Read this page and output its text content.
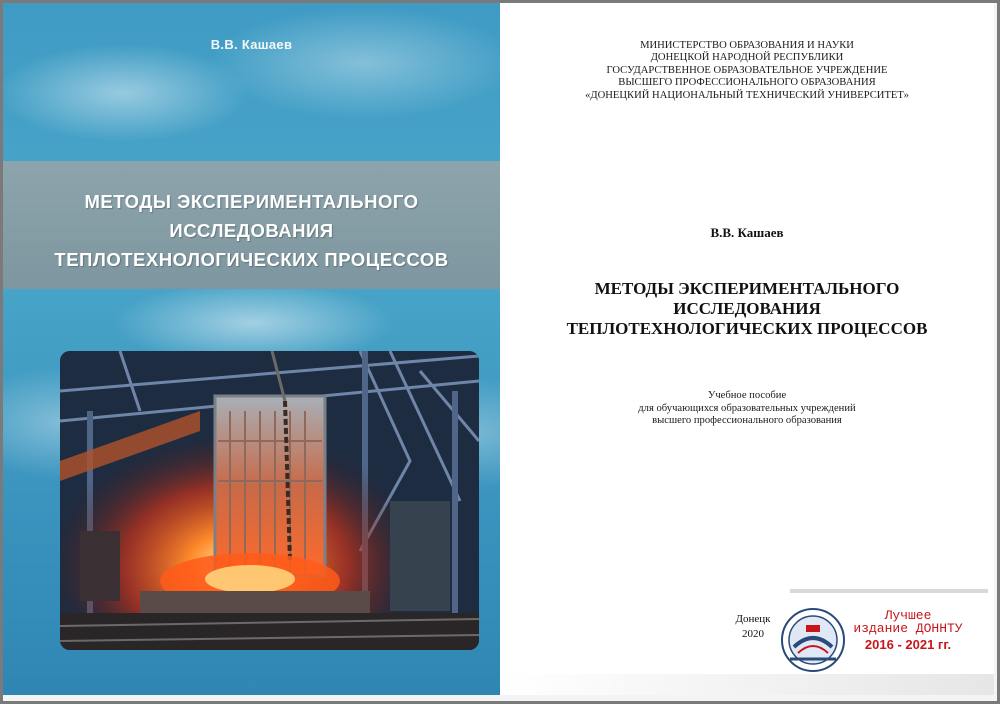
В.В. Кашаев
МЕТОДЫ ЭКСПЕРИМЕНТАЛЬНОГО
ИССЛЕДОВАНИЯ
ТЕПЛОТЕХНОЛОГИЧЕСКИХ ПРОЦЕССОВ
МИНИСТЕРСТВО ОБРАЗОВАНИЯ И НАУКИ
ДОНЕЦКОЙ НАРОДНОЙ РЕСПУБЛИКИ
ГОСУДАРСТВЕННОЕ ОБРАЗОВАТЕЛЬНОЕ УЧРЕЖДЕНИЕ
ВЫСШЕГО ПРОФЕССИОНАЛЬНОГО ОБРАЗОВАНИЯ
«ДОНЕЦКИЙ НАЦИОНАЛЬНЫЙ ТЕХНИЧЕСКИЙ УНИВЕРСИТЕТ»
В.В. Кашаев
МЕТОДЫ ЭКСПЕРИМЕНТАЛЬНОГО
ИССЛЕДОВАНИЯ
ТЕПЛОТЕХНОЛОГИЧЕСКИХ ПРОЦЕССОВ
Учебное пособие
для обучающихся образовательных учреждений
высшего профессионального образования
Донецк
2020
Лучшее
издание ДОННТУ
2016 - 2021 гг.
